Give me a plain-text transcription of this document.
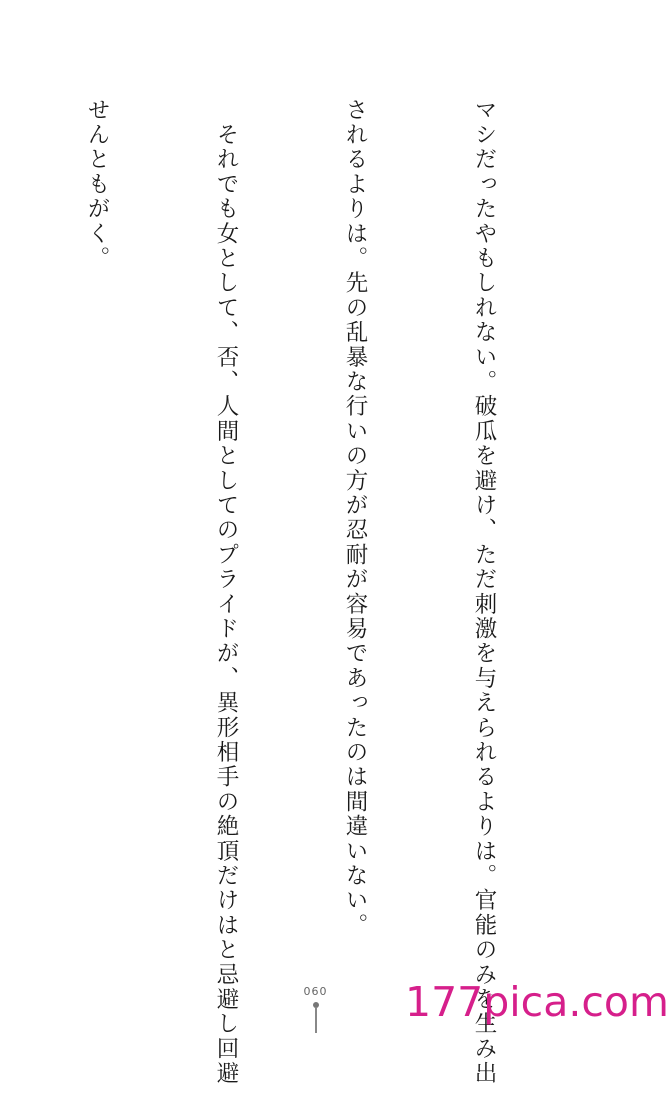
マシだったやもしれない。破瓜を避け、ただ刺激を与えられるよりは。官能のみを生み出

されるよりは。先の乱暴な行いの方が忍耐が容易であったのは間違いない。

　それでも女として、否、人間としてのプライドが、異形相手の絶頂だけはと忌避し回避

せんともがく。

060	177pica.com
